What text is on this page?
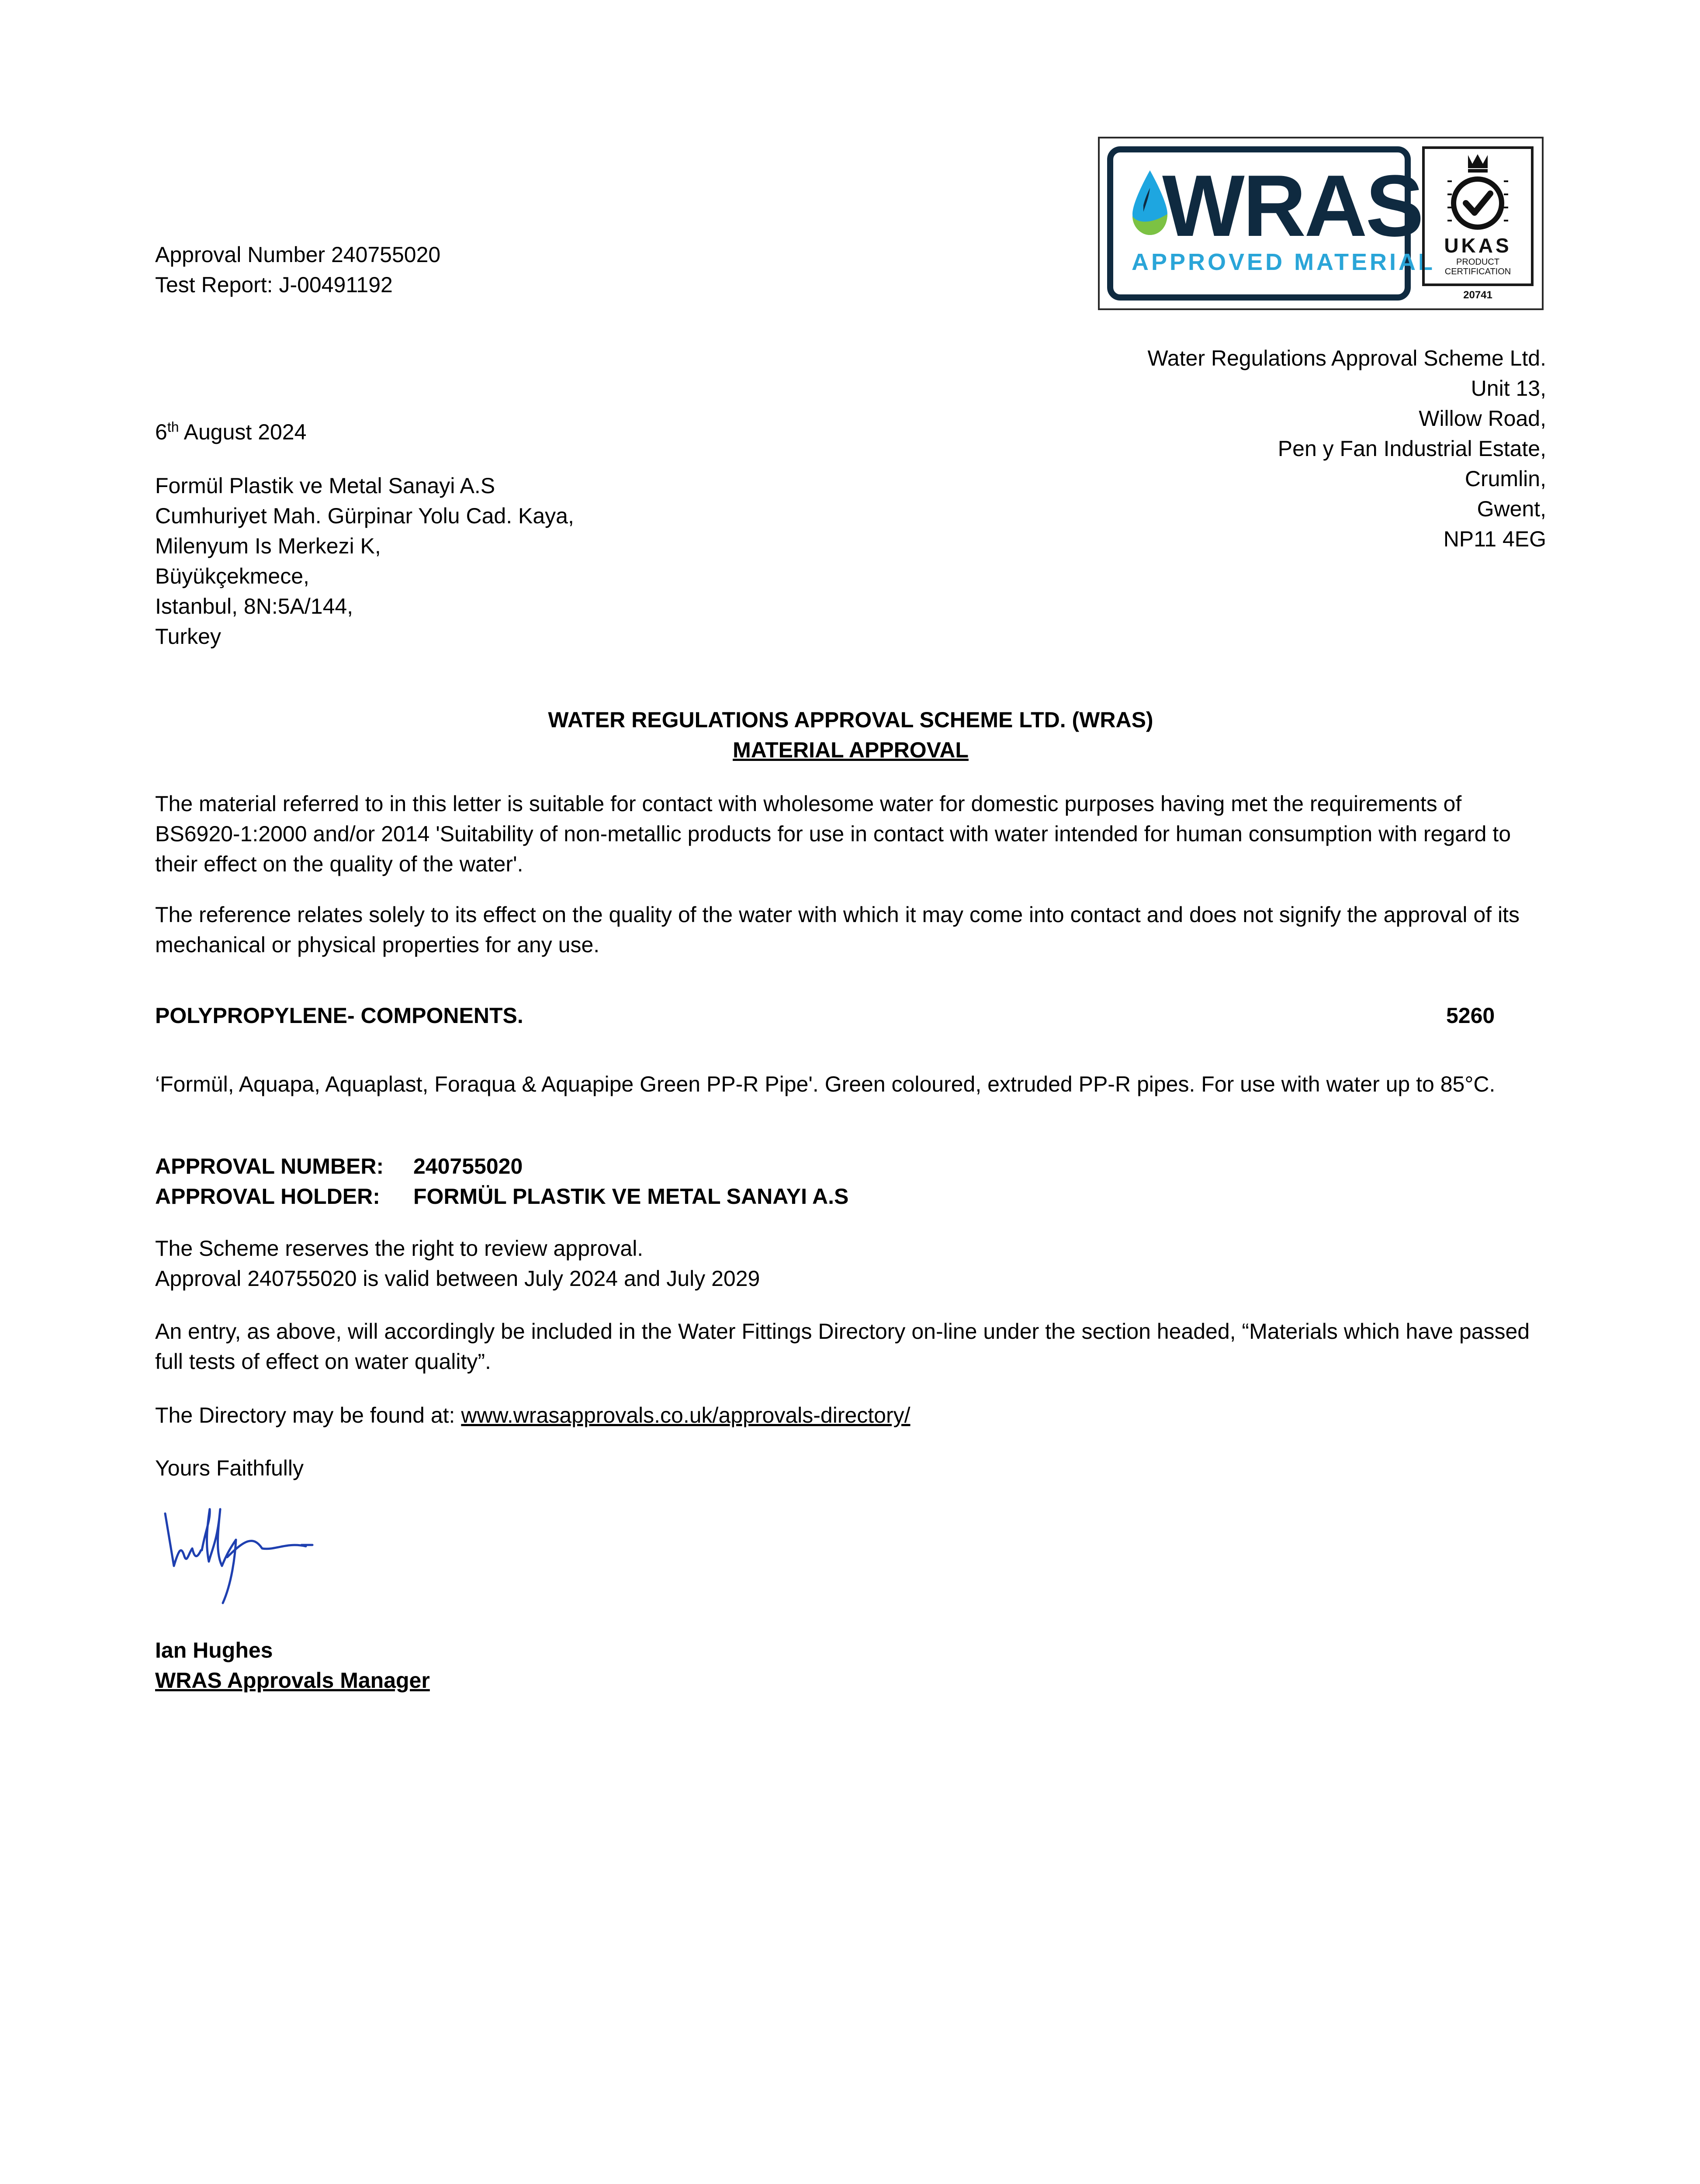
WRAS
APPROVED MATERIAL
UKAS
PRODUCT
CERTIFICATION
20741
Approval Number 240755020
Test Report: J-00491192
Water Regulations Approval Scheme Ltd.
Unit 13,
Willow Road,
Pen y Fan Industrial Estate,
Crumlin,
Gwent,
NP11 4EG
6th August 2024
Formül Plastik ve Metal Sanayi A.S
Cumhuriyet Mah. Gürpinar Yolu Cad. Kaya,
Milenyum Is Merkezi K,
Büyükçekmece,
Istanbul, 8N:5A/144,
Turkey
WATER REGULATIONS APPROVAL SCHEME LTD. (WRAS)
MATERIAL APPROVAL
The material referred to in this letter is suitable for contact with wholesome water for domestic purposes having met the requirements of BS6920-1:2000 and/or 2014 'Suitability of non-metallic products for use in contact with water intended for human consumption with regard to their effect on the quality of the water'.
The reference relates solely to its effect on the quality of the water with which it may come into contact and does not signify the approval of its mechanical or physical properties for any use.
POLYPROPYLENE- COMPONENTS.	5260
‘Formül, Aquapa, Aquaplast, Foraqua & Aquapipe Green PP-R Pipe'. Green coloured, extruded PP-R pipes. For use with water up to 85°C.
APPROVAL NUMBER: 240755020
APPROVAL HOLDER: FORMÜL PLASTIK VE METAL SANAYI A.S
The Scheme reserves the right to review approval.
Approval 240755020 is valid between July 2024 and July 2029
An entry, as above, will accordingly be included in the Water Fittings Directory on-line under the section headed, “Materials which have passed full tests of effect on water quality”.
The Directory may be found at: www.wrasapprovals.co.uk/approvals-directory/
Yours Faithfully
Ian Hughes
WRAS Approvals Manager
